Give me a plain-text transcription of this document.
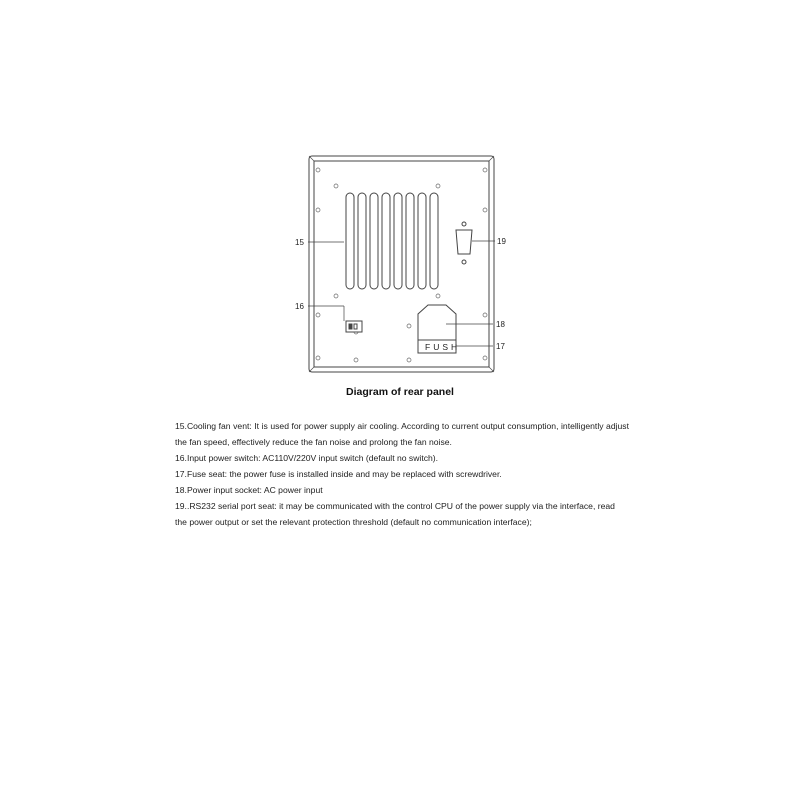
FUSH
15
16
19
18
17
Diagram of rear panel

15.Cooling fan vent: It is used for power supply air cooling. According to current output consumption, intelligently adjust the fan speed, effectively reduce the fan noise and prolong the fan noise.

16.Input power switch: AC110V/220V input switch (default no switch).

17.Fuse seat: the power fuse is installed inside and may be replaced with screwdriver.

18.Power input socket: AC power input

19..RS232 serial port seat: it may be communicated with the control CPU of the power supply via the interface, read the power output or set the relevant protection threshold (default no communication interface);
